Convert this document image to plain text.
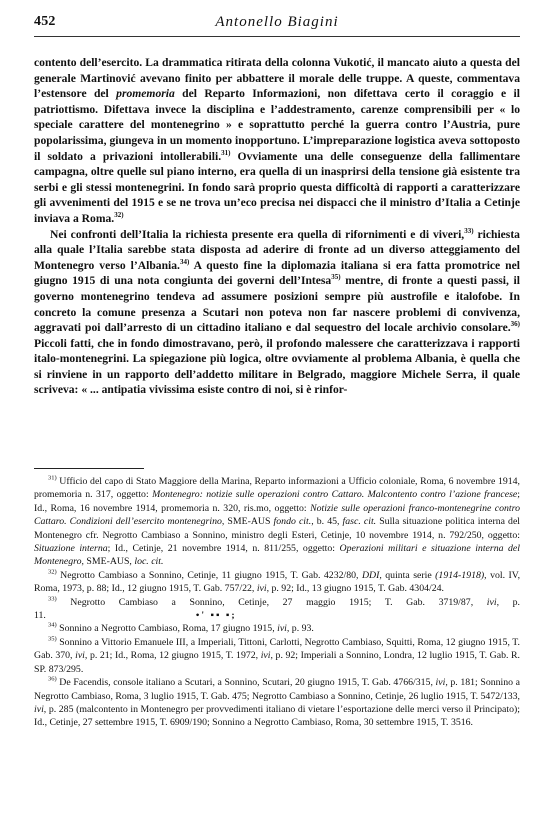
452	Antonello Biagini

contento dell’esercito. La drammatica ritirata della colonna Vukotić, il mancato aiuto a questa del generale Martinović avevano finito per abbattere il morale delle truppe. A queste, commentava l’estensore del promemoria del Reparto Informazioni, non difettava certo il coraggio e il patriottismo. Difettava invece la disciplina e l’addestramento, carenze comprensibili per « lo speciale carattere del montenegrino » e soprattutto perché la guerra contro l’Austria, pure popolarissima, giungeva in un momento inopportuno. L’impreparazione logistica aveva sottoposto il soldato a privazioni intollerabili.$^{31)}$ Ovviamente una delle conseguenze della fallimentare campagna, oltre quelle sul piano interno, era quella di un inasprirsi della tensione già esistente tra serbi e gli stessi montenegrini. In fondo sarà proprio questa difficoltà di rapporti a caratterizzare gli avvenimenti del 1915 e se ne trova un’eco precisa nei dispacci che il ministro d’Italia a Cetinje inviava a Roma.$^{32)}$

Nei confronti dell’Italia la richiesta presente era quella di rifornimenti e di viveri,$^{33)}$ richiesta alla quale l’Italia sarebbe stata disposta ad aderire di fronte ad un diverso atteggiamento del Montenegro verso l’Albania.$^{34)}$ A questo fine la diplomazia italiana si era fatta promotrice nel giugno 1915 di una nota congiunta dei governi dell’Intesa$^{35)}$ mentre, di fronte a questi passi, il governo montenegrino tendeva ad assumere posizioni sempre più austrofile e italofobe. In concreto la comune presenza a Scutari non poteva non far nascere problemi di convivenza, aggravati poi dall’arresto di un cittadino italiano e dal sequestro del locale archivio consolare.$^{36)}$ Piccoli fatti, che in fondo dimostravano, però, il profondo malessere che caratterizzava i rapporti italo-montenegrini. La spiegazione più logica, oltre ovviamente al problema Albania, è quella che si rinviene in un rapporto dell’addetto militare in Belgrado, maggiore Michele Serra, il quale scriveva: « ... antipatia vivissima esiste contro di noi, si è rinfor-

$^{31)}$ Ufficio del capo di Stato Maggiore della Marina, Reparto informazioni a Ufficio coloniale, Roma, 6 novembre 1914, promemoria n. 317, oggetto: Montenegro: notizie sulle operazioni contro Cattaro. Malcontento contro l’azione francese; Id., Roma, 16 novembre 1914, promemoria n. 320, ris.mo, oggetto: Notizie sulle operazioni franco-montenegrine contro Cattaro. Condizioni dell’esercito montenegrino, SME-AUS fondo cit., b. 45, fasc. cit. Sulla situazione politica interna del Montenegro cfr. Negrotto Cambiaso a Sonnino, ministro degli Esteri, Cetinje, 10 novembre 1914, n. 792/250, oggetto: Situazione interna; Id., Cetinje, 21 novembre 1914, n. 811/255, oggetto: Operazioni militari e situazione interna del Montenegro, SME-AUS, loc. cit.

$^{32)}$ Negrotto Cambiaso a Sonnino, Cetinje, 11 giugno 1915, T. Gab. 4232/80, DDI, quinta serie (1914-1918), vol. IV, Roma, 1973, p. 88; Id., 12 giugno 1915, T. Gab. 757/22, ivi, p. 92; Id., 13 giugno 1915, T. Gab. 4304/24.

$^{33)}$ Negrotto Cambiaso a Sonnino, Cetinje, 27 maggio 1915; T. Gab. 3719/87, ivi, p. 11.	•' ▪▪ ▪;

$^{34)}$ Sonnino a Negrotto Cambiaso, Roma, 17 giugno 1915, ivi, p. 93.

$^{35)}$ Sonnino a Vittorio Emanuele III, a Imperiali, Tittoni, Carlotti, Negrotto Cambiaso, Squitti, Roma, 12 giugno 1915, T. Gab. 370, ivi, p. 21; Id., Roma, 12 giugno 1915, T. 1972, ivi, p. 92; Imperiali a Sonnino, Londra, 12 luglio 1915, T. Gab. R. SP. 873/295.

$^{36)}$ De Facendis, console italiano a Scutari, a Sonnino, Scutari, 20 giugno 1915, T. Gab. 4766/315, ivi, p. 181; Sonnino a Negrotto Cambiaso, Roma, 3 luglio 1915, T. Gab. 475; Negrotto Cambiaso a Sonnino, Cetinje, 26 luglio 1915, T. 5472/133, ivi, p. 285 (malcontento in Montenegro per provvedimenti italiano di vietare l’esportazione delle merci verso il Principato); Id., Cetinje, 27 settembre 1915, T. 6909/190; Sonnino a Negrotto Cambiaso, Roma, 30 settembre 1915, T. 3516.
